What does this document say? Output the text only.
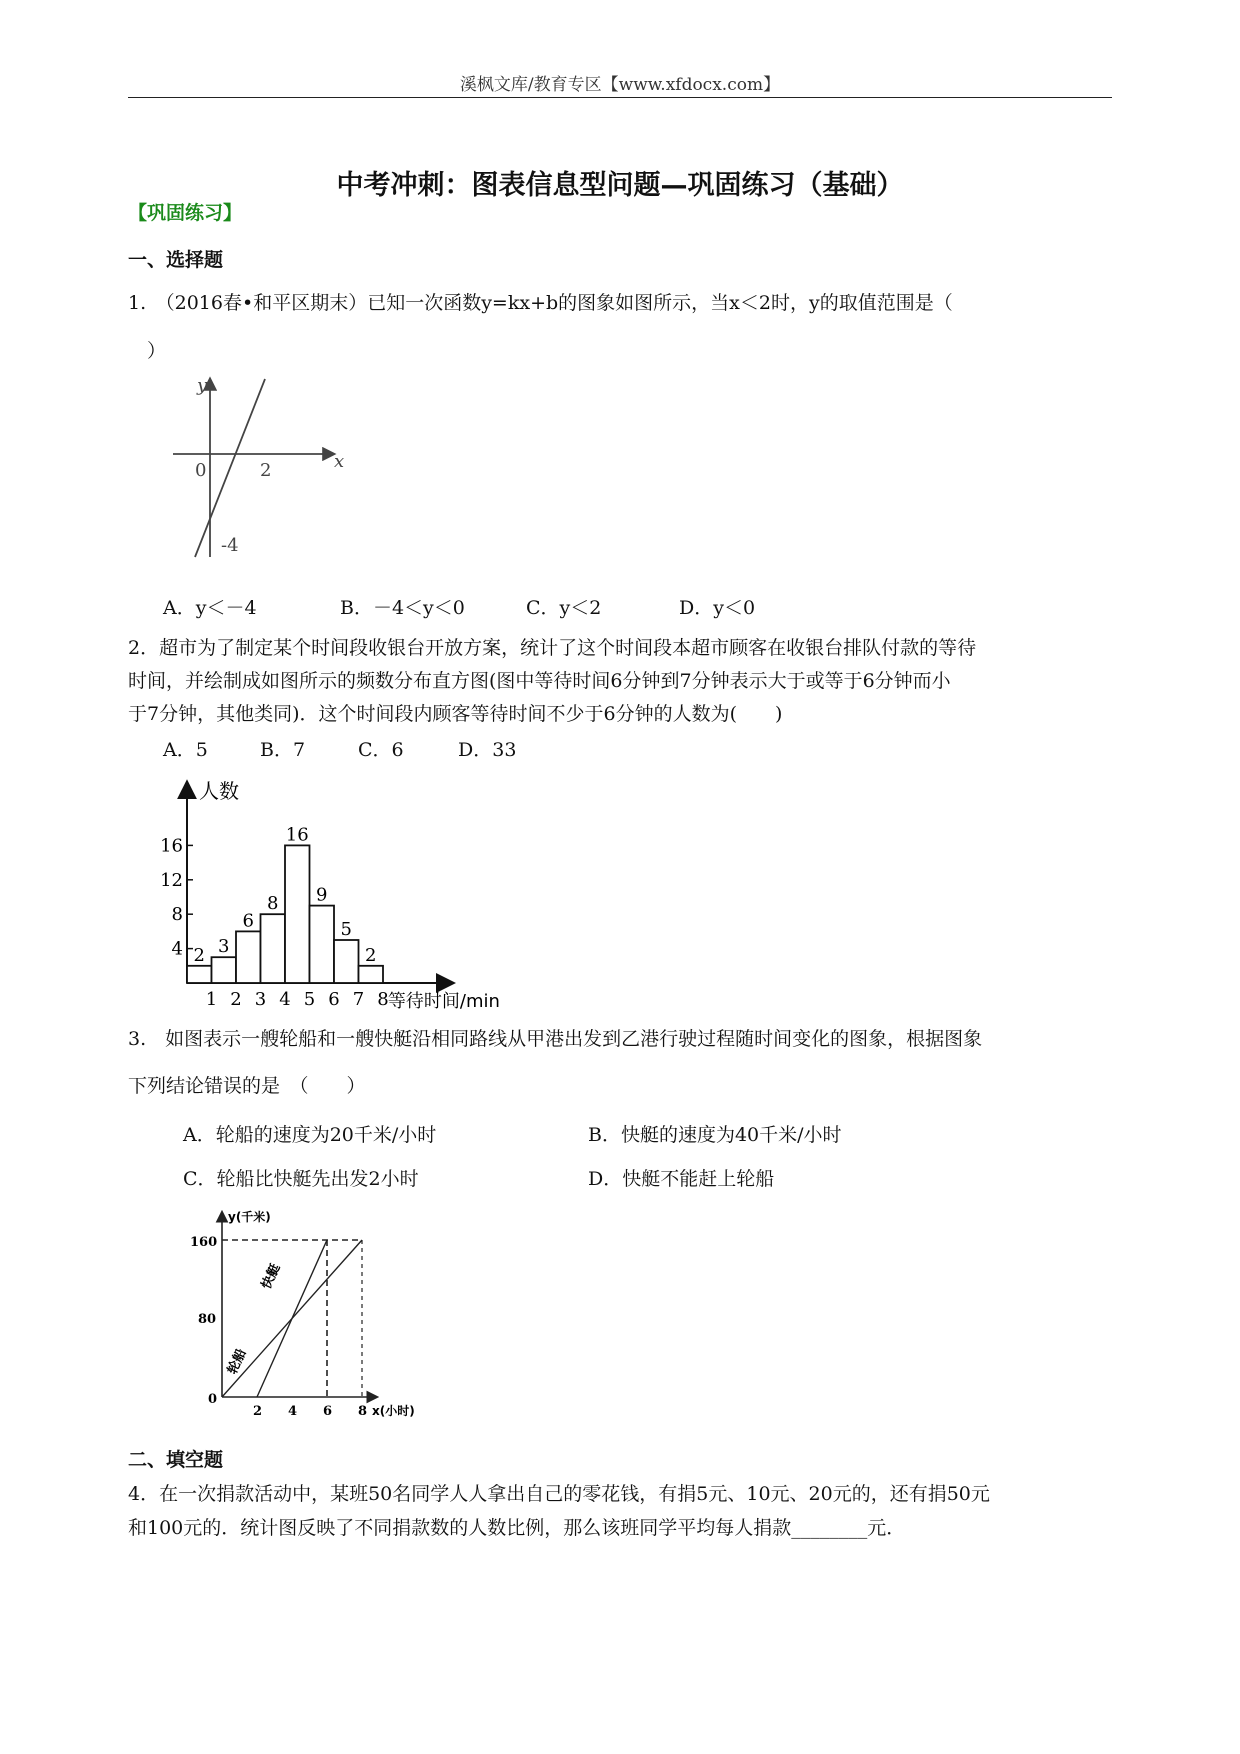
溪枫文库/教育专区【www.xfdocx.com】
中考冲刺：图表信息型问题—巩固练习（基础）
【巩固练习】
一、选择题
1.　（2016春•和平区期末）已知一次函数y=kx+b的图象如图所示，当x＜2时，y的取值范围是（
　）
y
x
0	2
-4
A．y＜－4	B．－4＜y＜0	C．y＜2	D．y＜0
2．超市为了制定某个时间段收银台开放方案，统计了这个时间段本超市顾客在收银台排队付款的等待
时间，并绘制成如图所示的频数分布直方图(图中等待时间6分钟到7分钟表示大于或等于6分钟而小
于7分钟，其他类同)．这个时间段内顾客等待时间不少于6分钟的人数为(　　)
A．5	B．7	C．6	D．33
人数
4
8
12
16
2 3
6
8
16
9
5
2
1 2 3 4 5 6 7 8 等待时间/min
3.　如图表示一艘轮船和一艘快艇沿相同路线从甲港出发到乙港行驶过程随时间变化的图象，根据图象
下列结论错误的是　（　　）
A．轮船的速度为20千米/小时	B．快艇的速度为40千米/小时
C．轮船比快艇先出发2小时	D．快艇不能赶上轮船
160
80
0
2 4 6 8
y(千米)
x(小时)
轮船
快艇
二、填空题
4．在一次捐款活动中，某班50名同学人人拿出自己的零花钱，有捐5元、10元、20元的，还有捐50元
和100元的．统计图反映了不同捐款数的人数比例，那么该班同学平均每人捐款________元．
